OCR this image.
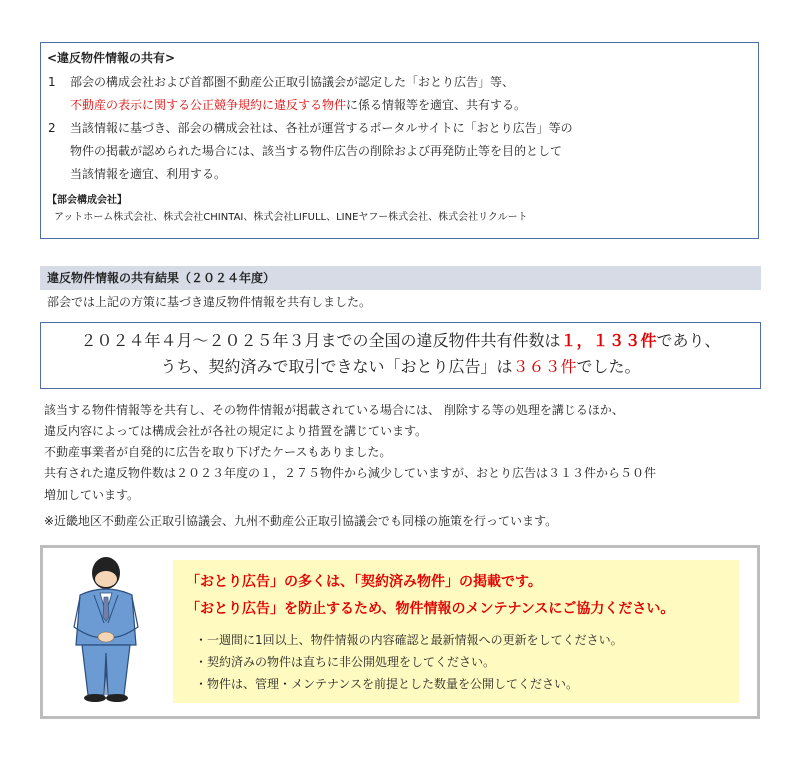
<違反物件情報の共有>
1 部会の構成会社および首都圏不動産公正取引協議会が認定した「おとり広告」等、
不動産の表示に関する公正競争規約に違反する物件に係る情報等を適宜、共有する。
2 当該情報に基づき、部会の構成会社は、各社が運営するポータルサイトに「おとり広告」等の
物件の掲載が認められた場合には、該当する物件広告の削除および再発防止等を目的として
当該情報を適宜、利用する。
【部会構成会社】
アットホーム株式会社、株式会社CHINTAI、株式会社LIFULL、LINEヤフー株式会社、株式会社リクルート
違反物件情報の共有結果（２０２４年度）
部会では上記の方策に基づき違反物件情報を共有しました。
２０２４年４月～２０２５年３月までの全国の違反物件共有件数は１，１３３件であり、
うち、契約済みで取引できない「おとり広告」は３６３件でした。
該当する物件情報等を共有し、その物件情報が掲載されている場合には、 削除する等の処理を講じるほか、
違反内容によっては構成会社が各社の規定により措置を講じています。
不動産事業者が自発的に広告を取り下げたケースもありました。
共有された違反物件数は２０２３年度の１，２７５物件から減少していますが、おとり広告は３１３件から５０件
増加しています。
※近畿地区不動産公正取引協議会、九州不動産公正取引協議会でも同様の施策を行っています。
「おとり広告」の多くは、「契約済み物件」の掲載です。
「おとり広告」を防止するため、物件情報のメンテナンスにご協力ください。
・一週間に1回以上、物件情報の内容確認と最新情報への更新をしてください。
・契約済みの物件は直ちに非公開処理をしてください。
・物件は、管理・メンテナンスを前提とした数量を公開してください。
